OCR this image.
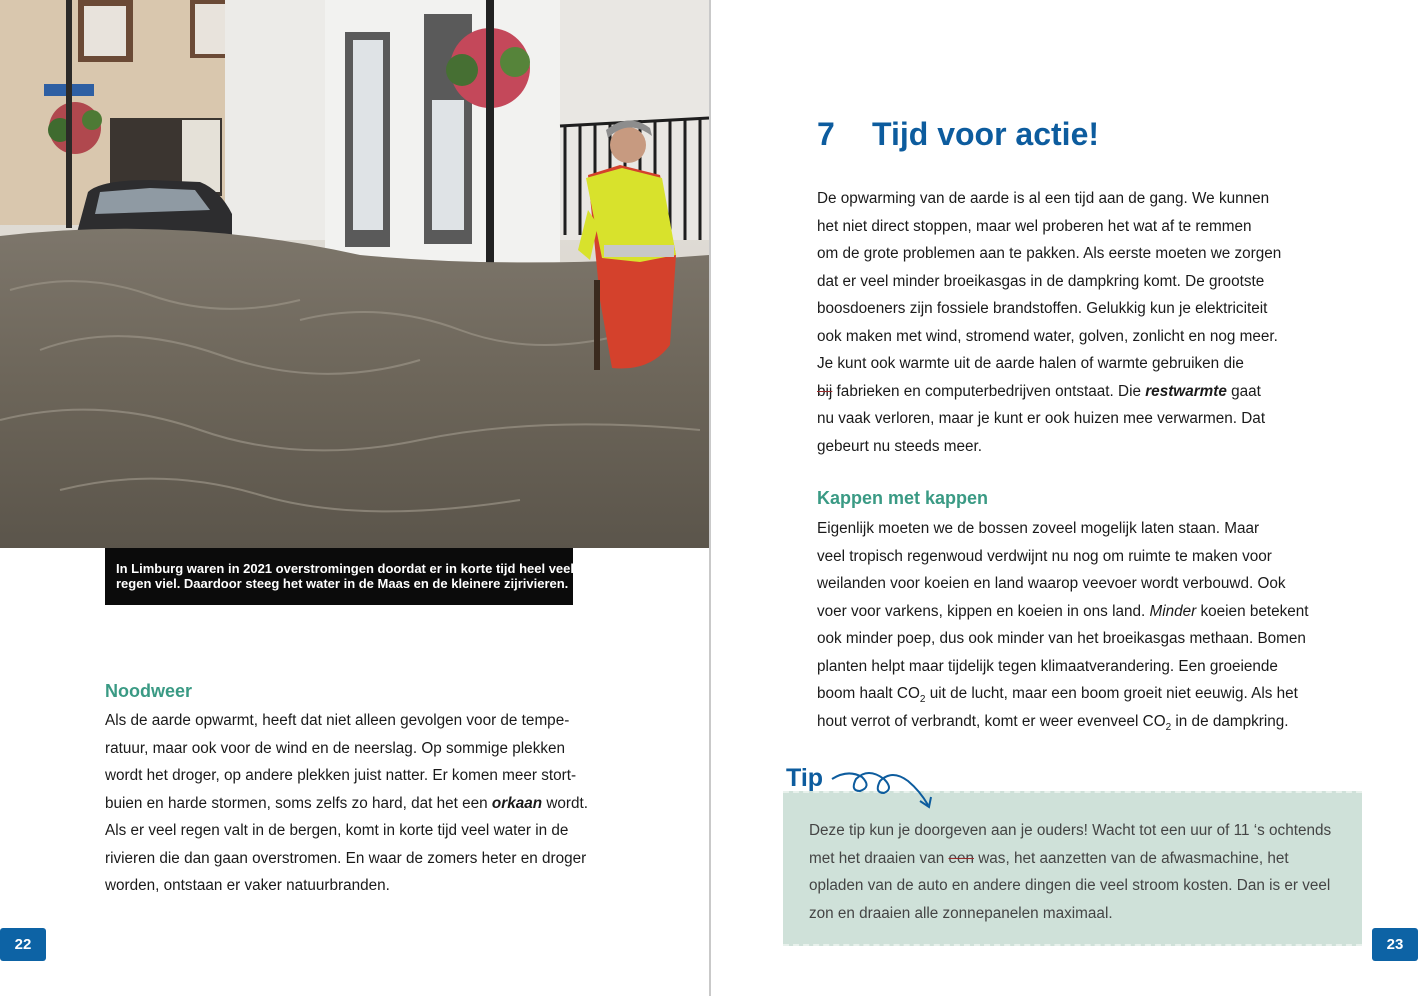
In Limburg waren in 2021 overstromingen doordat er in korte tijd heel veel
regen viel. Daardoor steeg het water in de Maas en de kleinere zijrivieren.
Noodweer
Als de aarde opwarmt, heeft dat niet alleen gevolgen voor de tempe-
ratuur, maar ook voor de wind en de neerslag. Op sommige plekken
wordt het droger, op andere plekken juist natter. Er komen meer stort-
buien en harde stormen, soms zelfs zo hard, dat het een orkaan wordt.
Als er veel regen valt in de bergen, komt in korte tijd veel water in de
rivieren die dan gaan overstromen. En waar de zomers heter en droger
worden, ontstaan er vaker natuurbranden.
22
7 Tijd voor actie!
De opwarming van de aarde is al een tijd aan de gang. We kunnen
het niet direct stoppen, maar wel proberen het wat af te remmen
om de grote problemen aan te pakken. Als eerste moeten we zorgen
dat er veel minder broeikasgas in de dampkring komt. De grootste
boosdoeners zijn fossiele brandstoffen. Gelukkig kun je elektriciteit
ook maken met wind, stromend water, golven, zonlicht en nog meer.
Je kunt ook warmte uit de aarde halen of warmte gebruiken die
bij fabrieken en computerbedrijven ontstaat. Die restwarmte gaat
nu vaak verloren, maar je kunt er ook huizen mee verwarmen. Dat
gebeurt nu steeds meer.
Kappen met kappen
Eigenlijk moeten we de bossen zoveel mogelijk laten staan. Maar
veel tropisch regenwoud verdwijnt nu nog om ruimte te maken voor
weilanden voor koeien en land waarop veevoer wordt verbouwd. Ook
voer voor varkens, kippen en koeien in ons land. Minder koeien betekent
ook minder poep, dus ook minder van het broeikasgas methaan. Bomen
planten helpt maar tijdelijk tegen klimaatverandering. Een groeiende
boom haalt $CO_2$ uit de lucht, maar een boom groeit niet eeuwig. Als het
hout verrot of verbrandt, komt er weer evenveel $CO_2$ in de dampkring.
Tip
Deze tip kun je doorgeven aan je ouders! Wacht tot een uur of 11 ‘s ochtends
met het draaien van een was, het aanzetten van de afwasmachine, het
opladen van de auto en andere dingen die veel stroom kosten. Dan is er veel
zon en draaien alle zonnepanelen maximaal.
23
